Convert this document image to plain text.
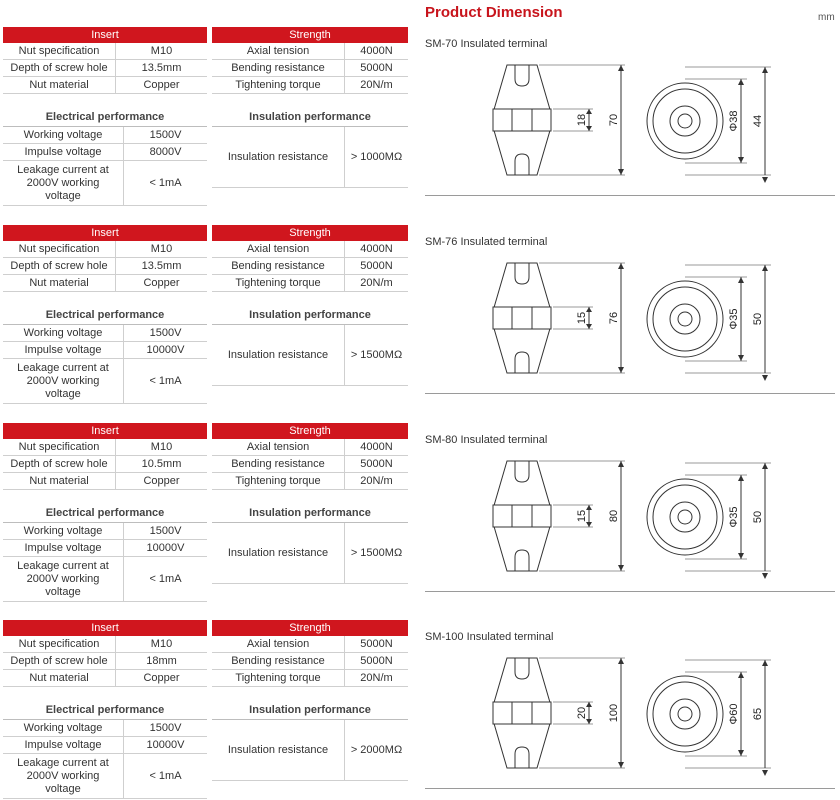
Product Dimension	mm
Insert	
Nut specification	M10
Depth of screw hole	13.5mm
Nut material	Copper
Strength	
Axial tension	4000N
Bending resistance	5000N
Tightening torque	20N/m
Electrical performance	
Working voltage	1500V
Impulse voltage	8000V
Leakage current at 2000V working voltage	< 1mA
Insulation performance
Insulation resistance	> 1000MΩ
SM-70 Insulated terminal
18 70	Φ38 44
Insert	
Nut specification	M10
Depth of screw hole	13.5mm
Nut material	Copper
Strength	
Axial tension	4000N
Bending resistance	5000N
Tightening torque	20N/m
Electrical performance	
Working voltage	1500V
Impulse voltage	10000V
Leakage current at 2000V working voltage	< 1mA
Insulation performance
Insulation resistance	> 1500MΩ
SM-76 Insulated terminal
15 76	Φ35 50
Insert	
Nut specification	M10
Depth of screw hole	10.5mm
Nut material	Copper
Strength	
Axial tension	4000N
Bending resistance	5000N
Tightening torque	20N/m
Electrical performance	
Working voltage	1500V
Impulse voltage	10000V
Leakage current at 2000V working voltage	< 1mA
Insulation performance
Insulation resistance	> 1500MΩ
SM-80 Insulated terminal
15 80	Φ35 50
Insert	
Nut specification	M10
Depth of screw hole	18mm
Nut material	Copper
Strength	
Axial tension	5000N
Bending resistance	5000N
Tightening torque	20N/m
Electrical performance	
Working voltage	1500V
Impulse voltage	10000V
Leakage current at 2000V working voltage	< 1mA
Insulation performance
Insulation resistance	> 2000MΩ
SM-100 Insulated terminal
20 100	Φ60 65
